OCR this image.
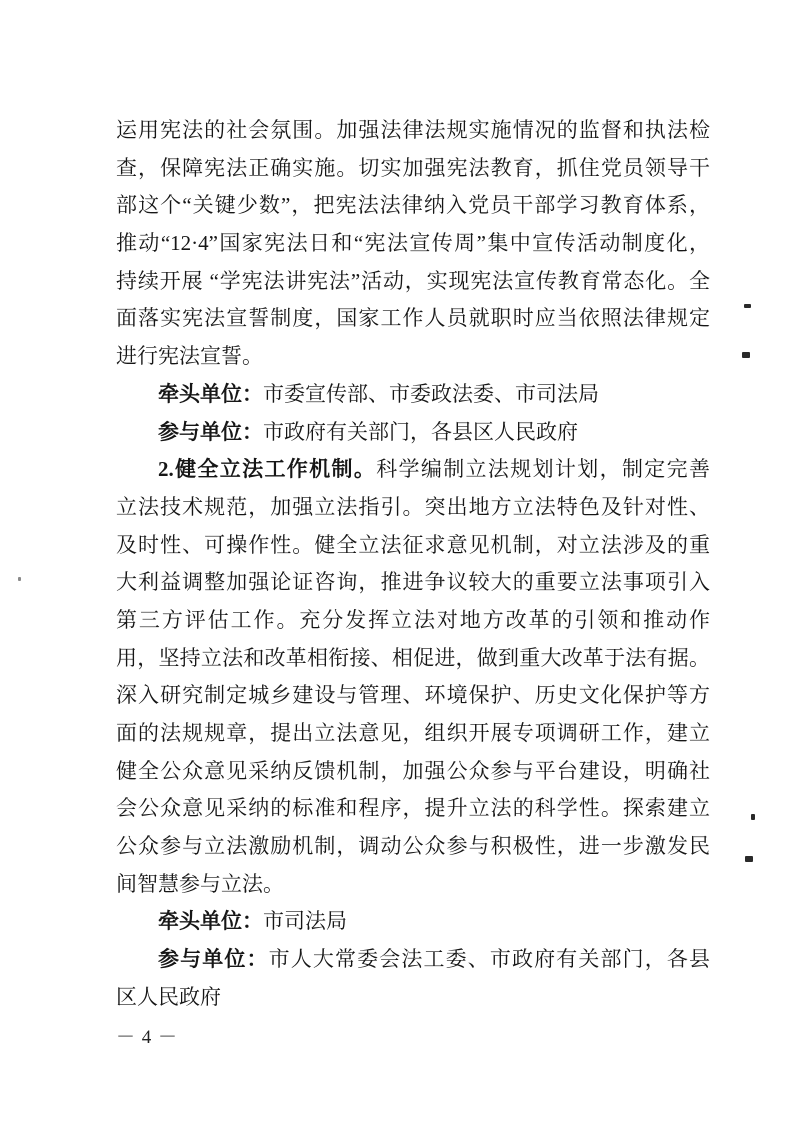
运用宪法的社会氛围。加强法律法规实施情况的监督和执法检
查，保障宪法正确实施。切实加强宪法教育，抓住党员领导干
部这个“关键少数”，把宪法法律纳入党员干部学习教育体系，
推动“12·4”国家宪法日和“宪法宣传周”集中宣传活动制度化，
持续开展 “学宪法讲宪法”活动，实现宪法宣传教育常态化。全
面落实宪法宣誓制度，国家工作人员就职时应当依照法律规定
进行宪法宣誓。
牵头单位：市委宣传部、市委政法委、市司法局
参与单位：市政府有关部门，各县区人民政府
2.健全立法工作机制。科学编制立法规划计划，制定完善
立法技术规范，加强立法指引。突出地方立法特色及针对性、
及时性、可操作性。健全立法征求意见机制，对立法涉及的重
大利益调整加强论证咨询，推进争议较大的重要立法事项引入
第三方评估工作。充分发挥立法对地方改革的引领和推动作
用，坚持立法和改革相衔接、相促进，做到重大改革于法有据。
深入研究制定城乡建设与管理、环境保护、历史文化保护等方
面的法规规章，提出立法意见，组织开展专项调研工作，建立
健全公众意见采纳反馈机制，加强公众参与平台建设，明确社
会公众意见采纳的标准和程序，提升立法的科学性。探索建立
公众参与立法激励机制，调动公众参与积极性，进一步激发民
间智慧参与立法。
牵头单位：市司法局
参与单位：市人大常委会法工委、市政府有关部门，各县
区人民政府
－ 4 －
